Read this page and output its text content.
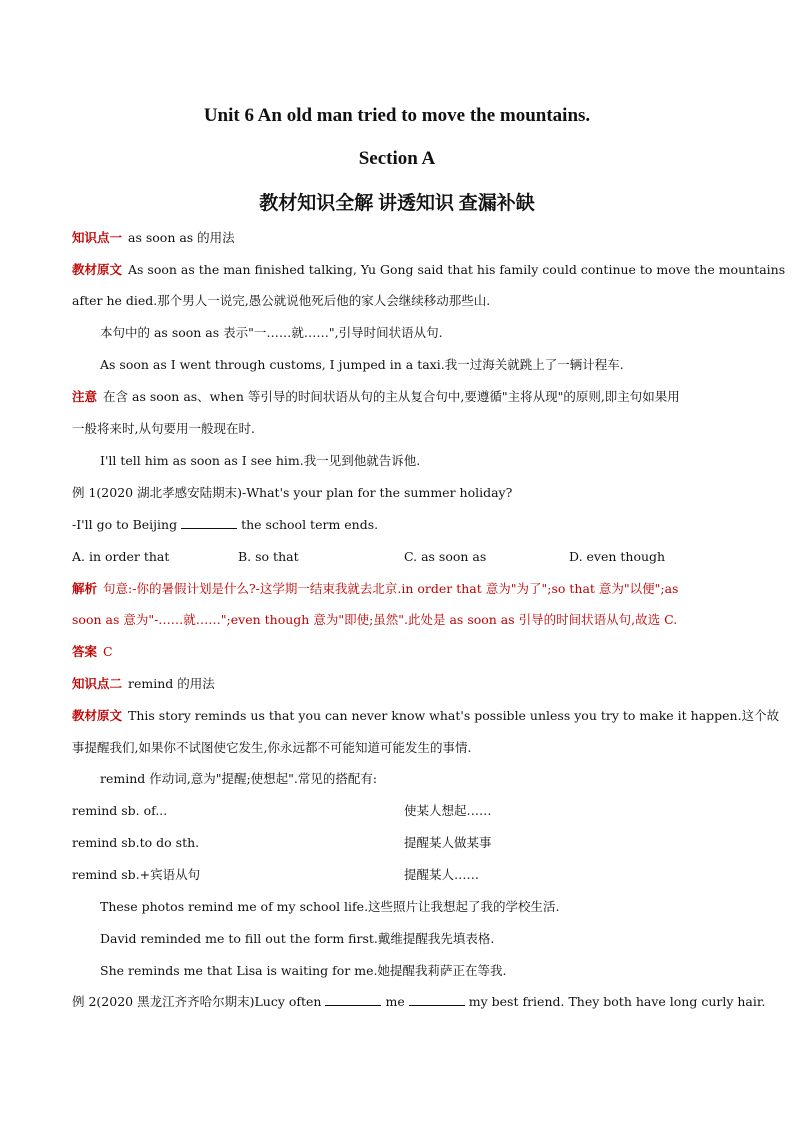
Unit 6 An old man tried to move the mountains.
Section A
教材知识全解 讲透知识 查漏补缺
知识点一 as soon as 的用法
教材原文 As soon as the man finished talking, Yu Gong said that his family could continue to move the mountains
after he died.那个男人一说完,愚公就说他死后他的家人会继续移动那些山.
本句中的 as soon as 表示"一……就……",引导时间状语从句.
As soon as I went through customs, I jumped in a taxi.我一过海关就跳上了一辆计程车.
注意 在含 as soon as、when 等引导的时间状语从句的主从复合句中,要遵循"主将从现"的原则,即主句如果用
一般将来时,从句要用一般现在时.
I'll tell him as soon as I see him.我一见到他就告诉他.
例 1(2020 湖北孝感安陆期末)-What's your plan for the summer holiday?
-I'll go to Beijing	the school term ends.
A. in order that	B. so that	C. as soon as	D. even though
解析 句意:-你的暑假计划是什么?-这学期一结束我就去北京.in order that 意为"为了";so that 意为"以便";as
soon as 意为"-……就……";even though 意为"即使;虽然".此处是 as soon as 引导的时间状语从句,故选 C.
答案 C
知识点二 remind 的用法
教材原文 This story reminds us that you can never know what's possible unless you try to make it happen.这个故
事提醒我们,如果你不试图使它发生,你永远都不可能知道可能发生的事情.
remind 作动词,意为"提醒;使想起".常见的搭配有:
remind sb. of...	使某人想起……
remind sb.to do sth.	提醒某人做某事
remind sb.+宾语从句	提醒某人……
These photos remind me of my school life.这些照片让我想起了我的学校生活.
David reminded me to fill out the form first.戴维提醒我先填表格.
She reminds me that Lisa is waiting for me.她提醒我莉萨正在等我.
例 2(2020 黑龙江齐齐哈尔期末)Lucy often	me	my best friend. They both have long curly hair.
